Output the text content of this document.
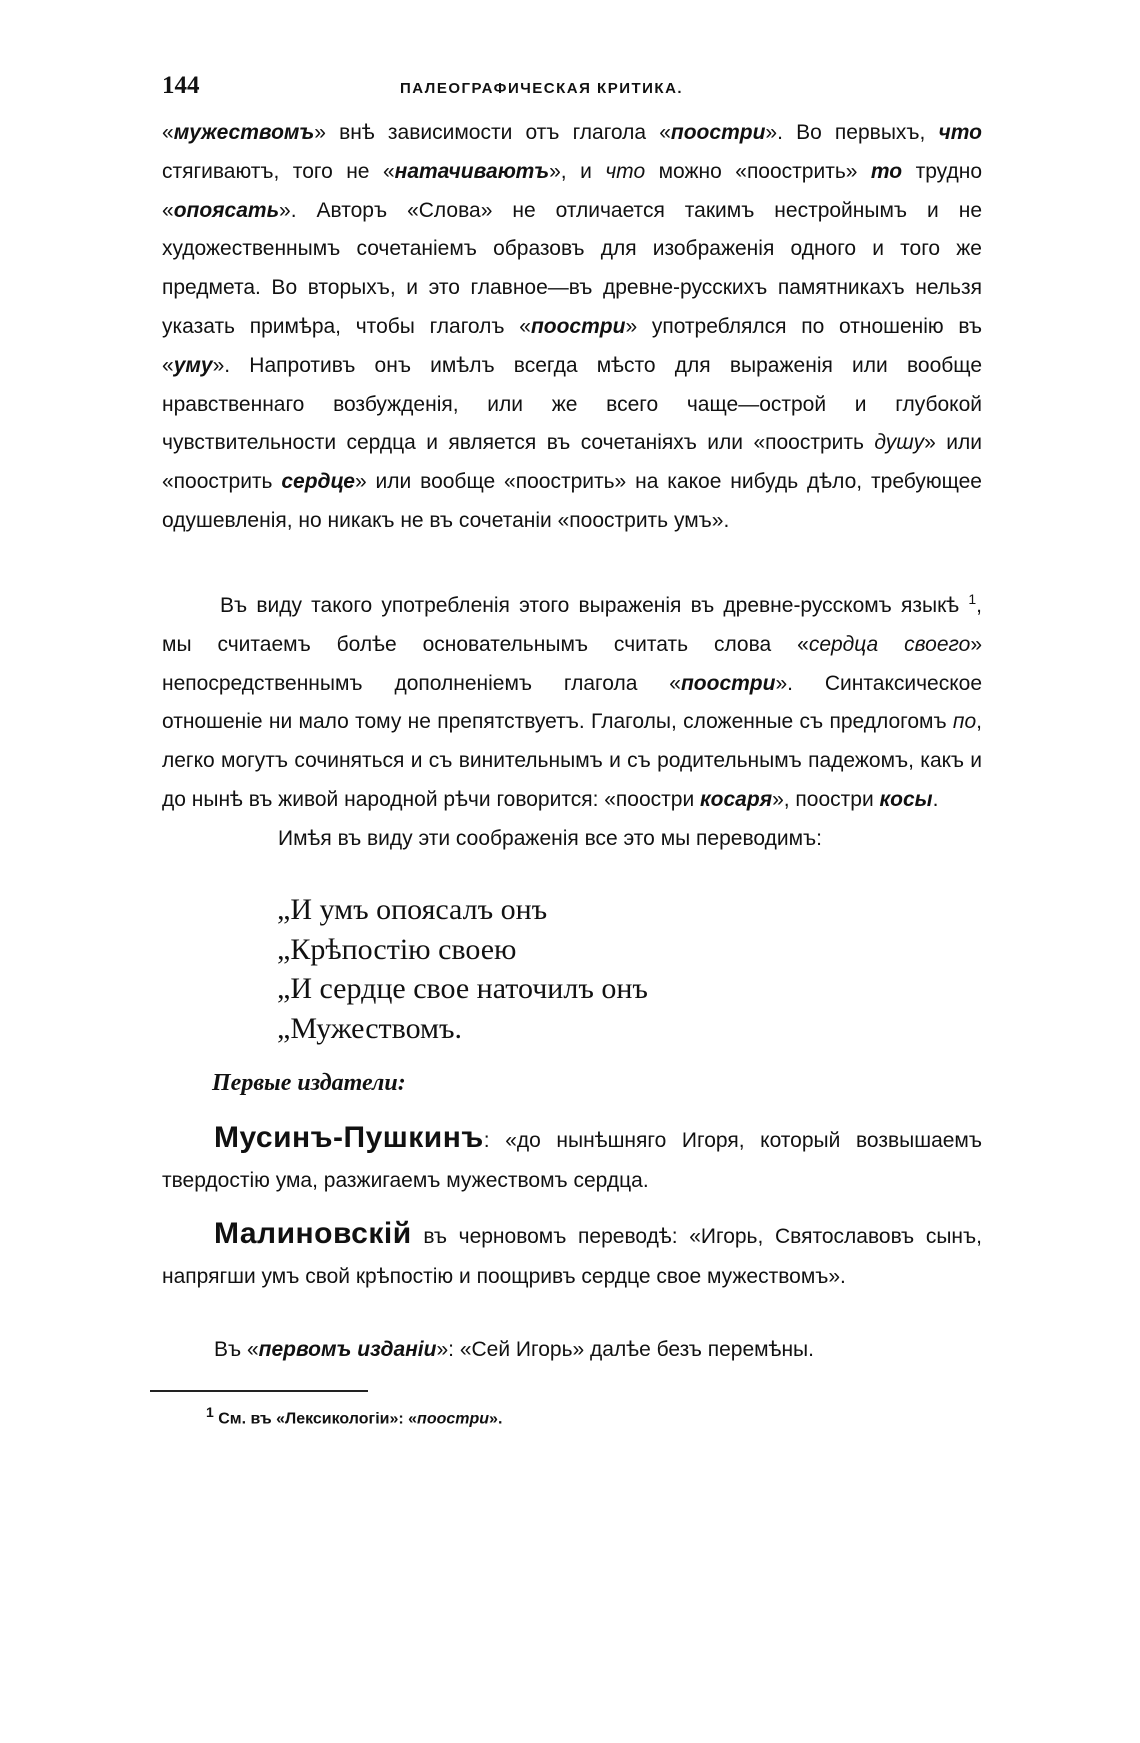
144	ПАЛЕОГРАФИЧЕСКАЯ КРИТИКА.

«мужествомъ» внѣ зависимости отъ глагола «поостри». Во первыхъ, что стягиваютъ, того не «натачиваютъ», и что можно «поострить» то трудно «опоясать». Авторъ «Слова» не отличается такимъ нестройнымъ и не художественнымъ сочетаніемъ образовъ для изображенія одного и того же предмета. Во вторыхъ, и это главное—въ древне-русскихъ памятникахъ нельзя указать примѣра, чтобы глаголъ «поостри» употреблялся по отношенію въ «уму». Напротивъ онъ имѣлъ всегда мѣсто для выраженія или вообще нравственнаго возбужденія, или же всего чаще—острой и глубокой чувствительности сердца и является въ сочетаніяхъ или «поострить душу» или «поострить сердце» или вообще «поострить» на какое нибудь дѣло, требующее одушевленія, но никакъ не въ сочетаніи «поострить умъ».

Въ виду такого употребленія этого выраженія въ древне-русскомъ языкѣ $^1$, мы считаемъ болѣе основательнымъ считать слова «сердца своего» непосредственнымъ дополненіемъ глагола «поостри». Синтаксическое отношеніе ни мало тому не препятствуетъ. Глаголы, сложенные съ предлогомъ по, легко могутъ сочиняться и съ винительнымъ и съ родительнымъ падежомъ, какъ и до нынѣ въ живой народной рѣчи говорится: «поостри косаря», поостри косы.
Имѣя въ виду эти соображенія все это мы переводимъ:

„И умъ опоясалъ онъ
„Крѣпостію своею
„И сердце свое наточилъ онъ
„Мужествомъ.
Первые издатели:

Мусинъ-Пушкинъ: «до нынѣшняго Игоря, который возвышаемъ твердостію ума, разжигаемъ мужествомъ сердца.

Малиновскій въ черновомъ переводѣ: «Игорь, Святославовъ сынъ, напрягши умъ свой крѣпостію и поощривъ сердце свое мужествомъ».

Въ «первомъ изданіи»: «Сей Игорь» далѣе безъ перемѣны.

1 См. въ «Лексикологіи»: «поостри».
